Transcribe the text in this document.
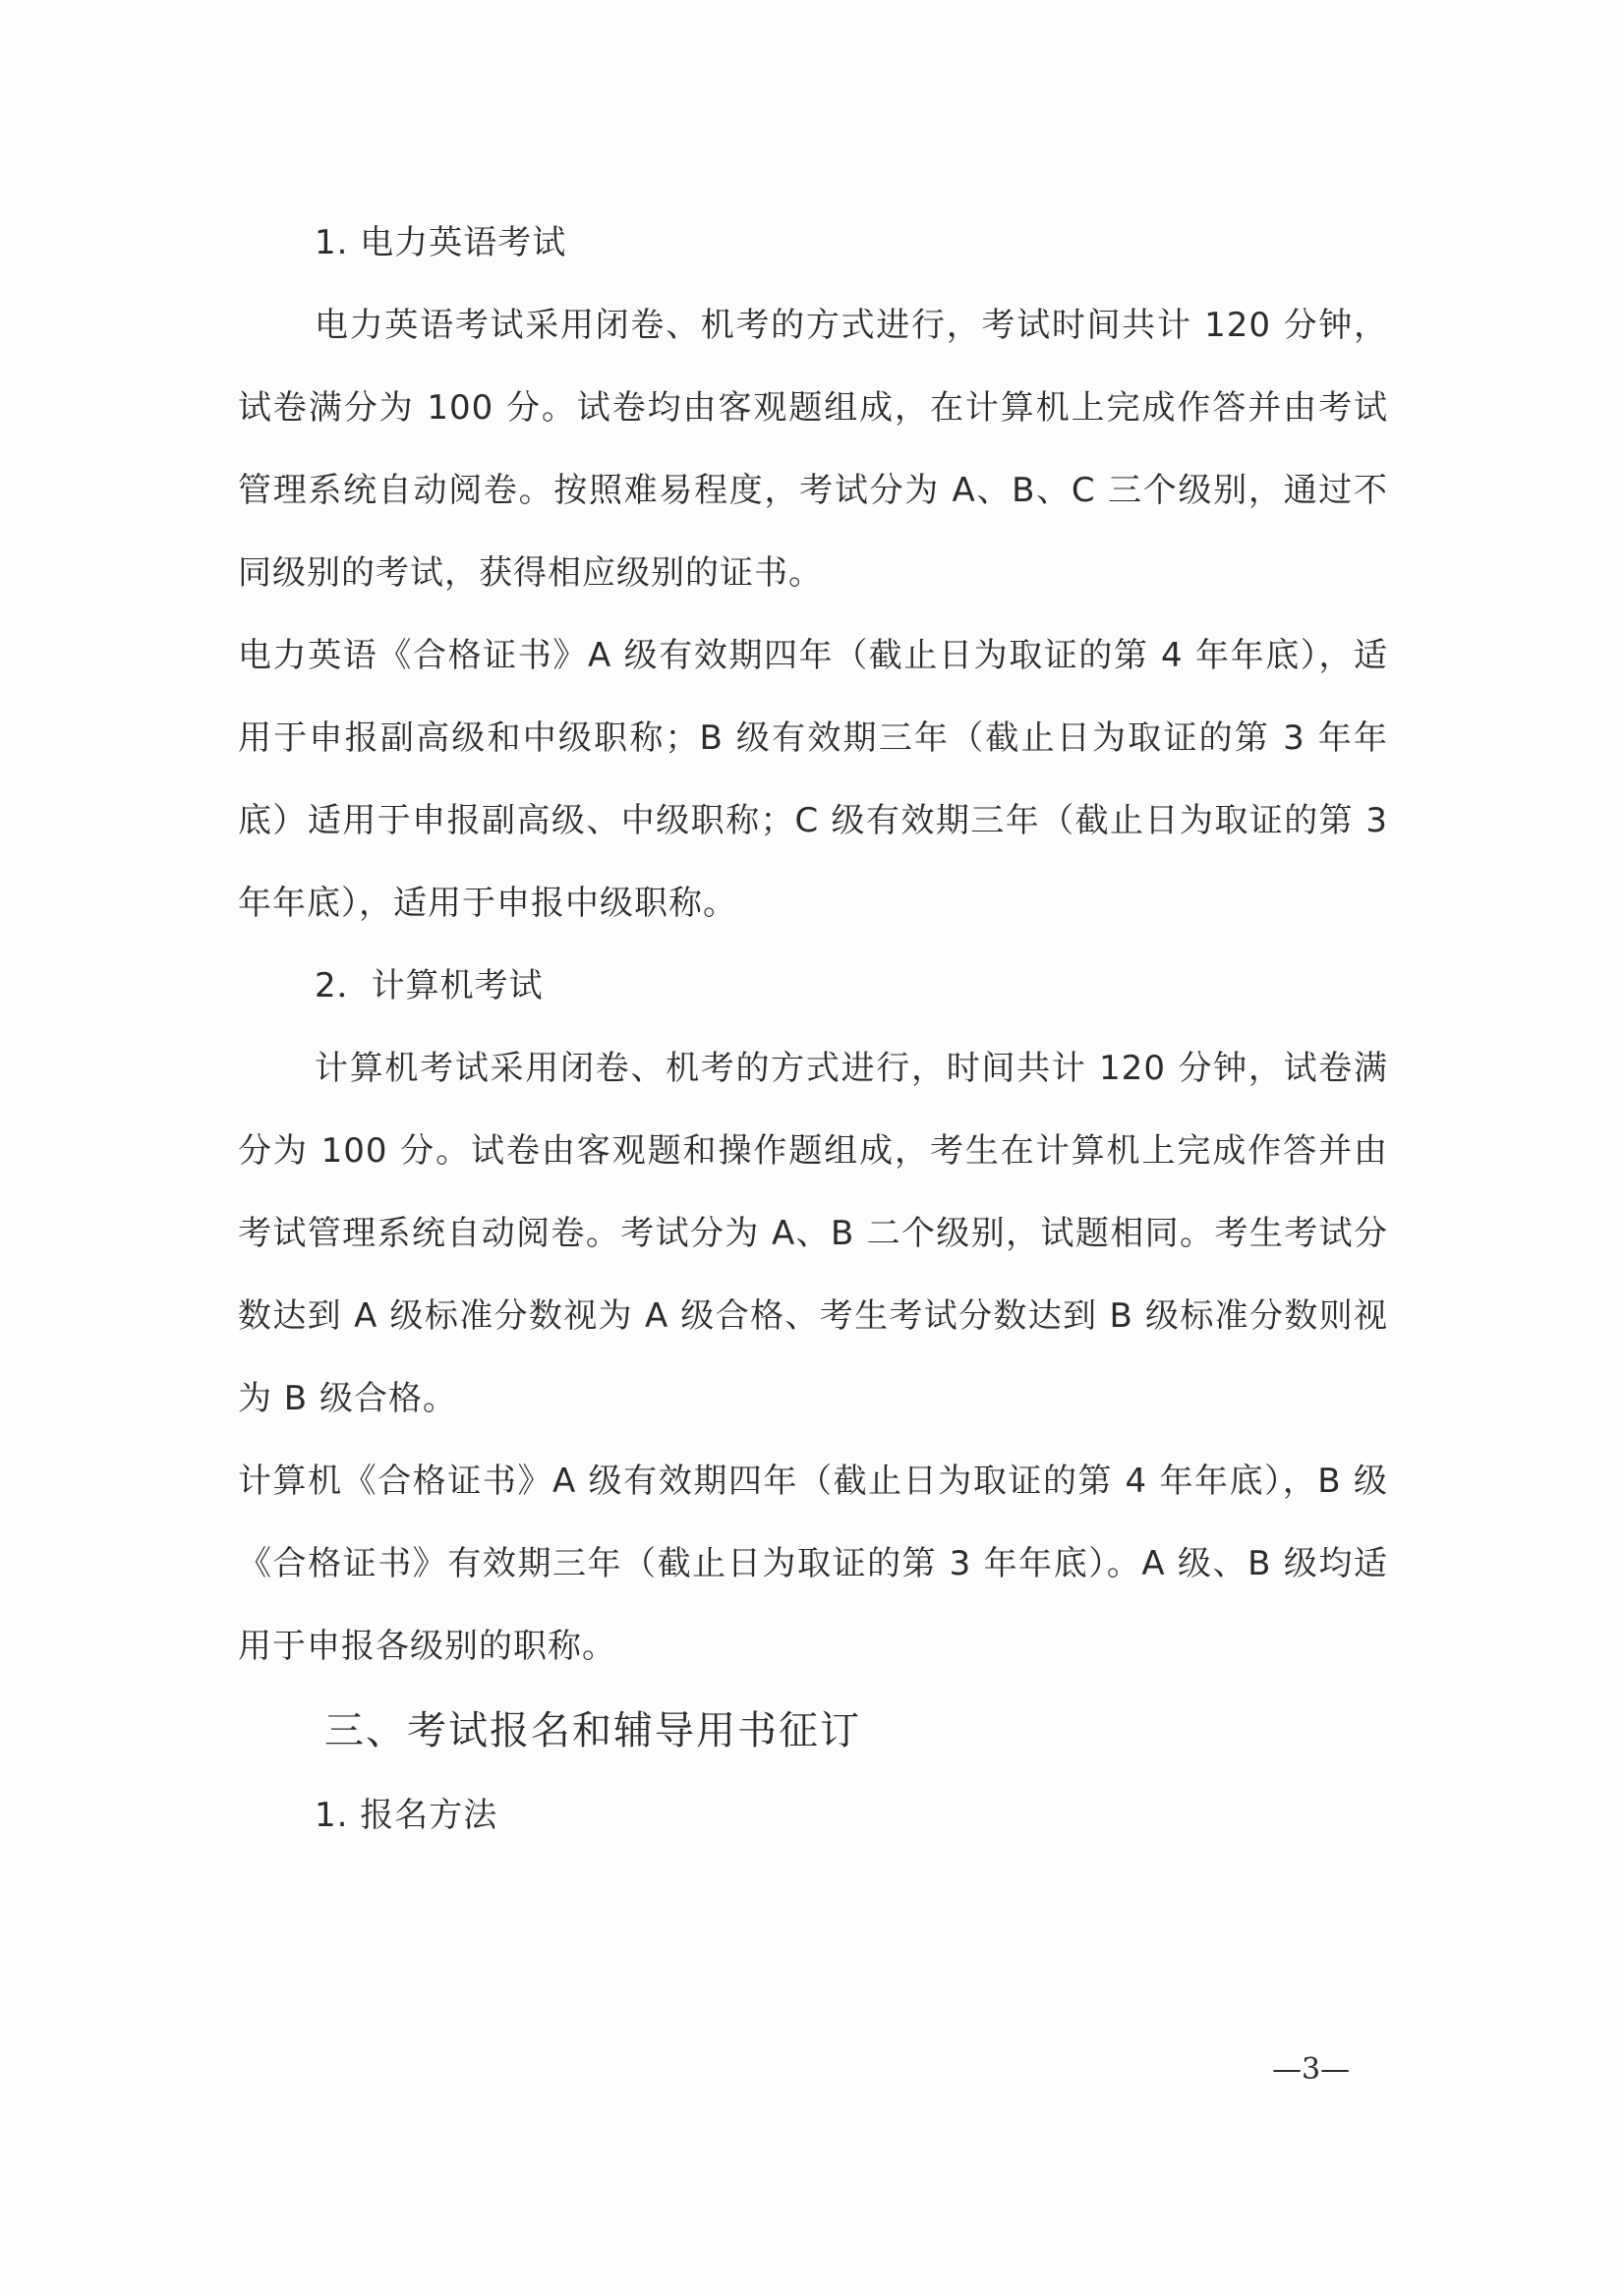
1. 电力英语考试

电力英语考试采用闭卷、机考的方式进行，考试时间共计 120 分钟，试卷满分为 100 分。试卷均由客观题组成，在计算机上完成作答并由考试管理系统自动阅卷。按照难易程度，考试分为 A、B、C 三个级别，通过不同级别的考试，获得相应级别的证书。

电力英语《合格证书》A 级有效期四年（截止日为取证的第 4 年年底），适用于申报副高级和中级职称；B 级有效期三年（截止日为取证的第 3 年年底）适用于申报副高级、中级职称；C 级有效期三年（截止日为取证的第 3 年年底），适用于申报中级职称。

2．计算机考试

计算机考试采用闭卷、机考的方式进行，时间共计 120 分钟，试卷满分为 100 分。试卷由客观题和操作题组成，考生在计算机上完成作答并由考试管理系统自动阅卷。考试分为 A、B 二个级别，试题相同。考生考试分数达到 A 级标准分数视为 A 级合格、考生考试分数达到 B 级标准分数则视为 B 级合格。

计算机《合格证书》A 级有效期四年（截止日为取证的第 4 年年底），B 级《合格证书》有效期三年（截止日为取证的第 3 年年底）。A 级、B 级均适用于申报各级别的职称。

三、考试报名和辅导用书征订

1. 报名方法

—3—
